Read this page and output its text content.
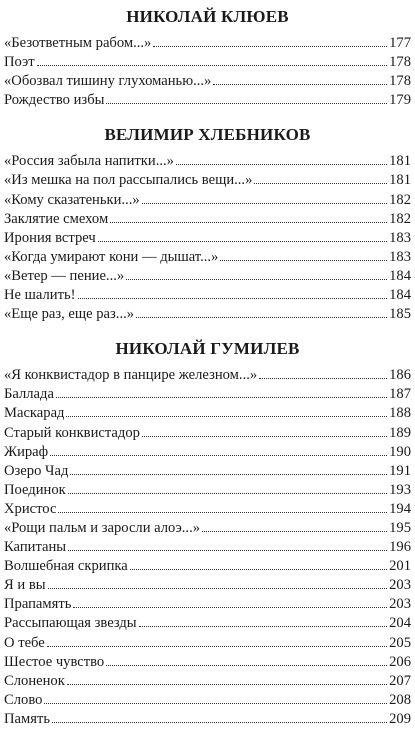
НИКОЛАЙ КЛЮЕВ
«Безответным рабом...»	177
Поэт	178
«Обозвал тишину глухоманью...»	178
Рождество избы	179
ВЕЛИМИР ХЛЕБНИКОВ
«Россия забыла напитки...»	181
«Из мешка на пол рассыпались вещи...»	181
«Кому сказатеньки...»	182
Заклятие смехом	182
Ирония встреч	183
«Когда умирают кони — дышат...»	183
«Ветер — пение...»	184
Не шалить!	184
«Еще раз, еще раз...»	185
НИКОЛАЙ ГУМИЛЕВ
«Я конквистадор в панцире железном...»	186
Баллада	187
Маскарад	188
Старый конквистадор	189
Жираф	190
Озеро Чад	191
Поединок	193
Христос	194
«Рощи пальм и заросли алоэ...»	195
Капитаны	196
Волшебная скрипка	201
Я и вы	203
Прапамять	203
Рассыпающая звезды	204
О тебе	205
Шестое чувство	206
Слоненок	207
Слово	208
Память	209
